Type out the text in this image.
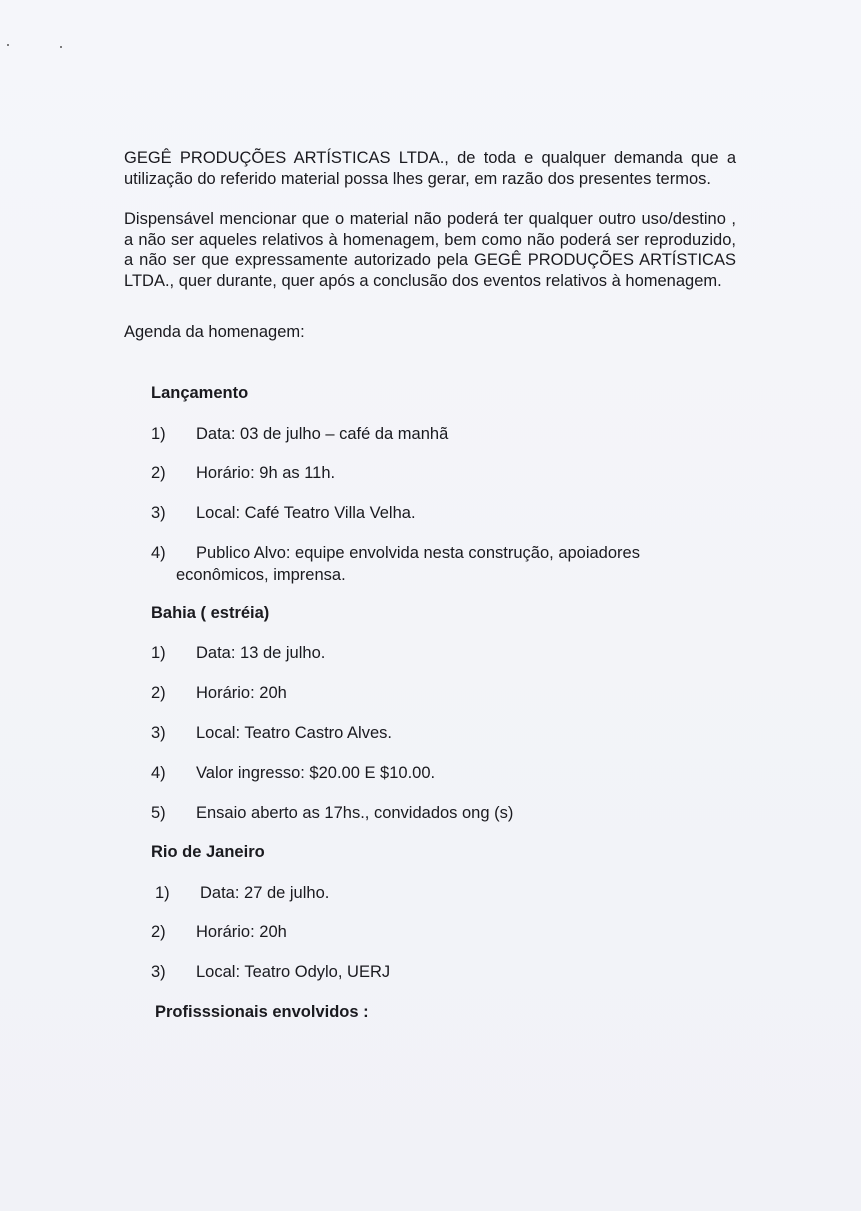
GEGÊ PRODUÇÕES ARTÍSTICAS LTDA., de toda e qualquer demanda que a utilização do referido material possa lhes gerar, em razão dos presentes termos.

Dispensável mencionar que o material não poderá ter qualquer outro uso/destino , a não ser aqueles relativos à homenagem, bem como não poderá ser reproduzido, a não ser que expressamente autorizado pela GEGÊ PRODUÇÕES ARTÍSTICAS LTDA., quer durante, quer após a conclusão dos eventos relativos à homenagem.

Agenda da homenagem:

Lançamento

1) Data: 03 de julho – café da manhã
2) Horário: 9h as 11h.
3) Local: Café Teatro Villa Velha.
4) Publico Alvo: equipe envolvida nesta construção, apoiadores

econômicos, imprensa.

Bahia ( estréia)

1) Data: 13 de julho.
2) Horário: 20h
3) Local: Teatro Castro Alves.
4) Valor ingresso: $20.00 E $10.00.
5) Ensaio aberto as 17hs., convidados ong (s)

Rio de Janeiro

1) Data: 27 de julho.
2) Horário: 20h
3) Local: Teatro Odylo, UERJ

Profisssionais envolvidos :
